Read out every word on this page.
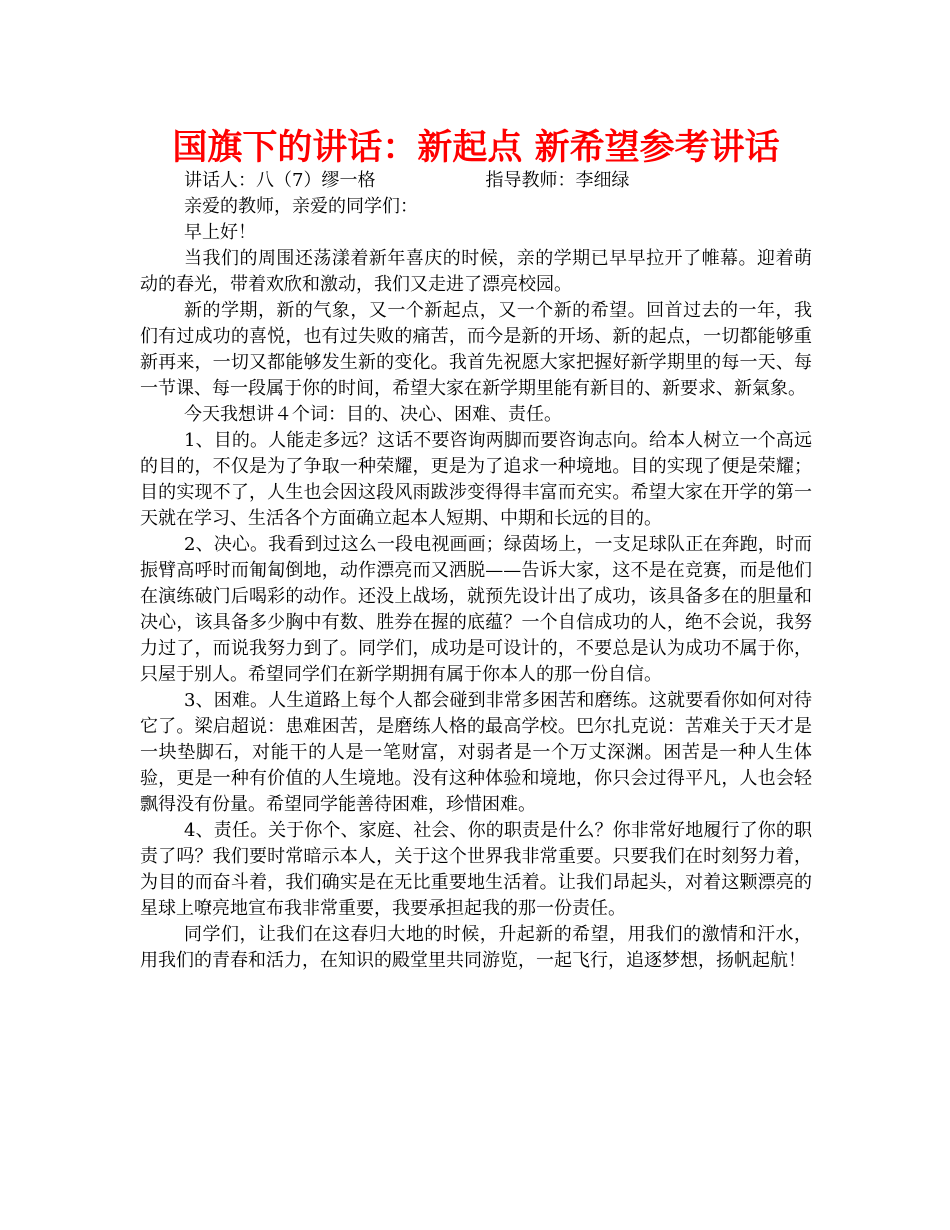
国旗下的讲话：新起点 新希望参考讲话
讲话人：八（7）缪一格	指导教师：李细绿

亲爱的教师，亲爱的同学们：

早上好！

当我们的周围还荡漾着新年喜庆的时候，亲的学期已早早拉开了帷幕。迎着萌动的春光，带着欢欣和激动，我们又走进了漂亮校园。

新的学期，新的气象，又一个新起点，又一个新的希望。回首过去的一年，我们有过成功的喜悦，也有过失败的痛苦，而今是新的开场、新的起点，一切都能够重新再来，一切又都能够发生新的变化。我首先祝愿大家把握好新学期里的每一天、每一节课、每一段属于你的时间，希望大家在新学期里能有新目的、新要求、新氣象。

今天我想讲４个词：目的、决心、困难、责任。

1、目的。人能走多远？这话不要咨询两脚而要咨询志向。给本人树立一个高远的目的，不仅是为了争取一种荣耀，更是为了追求一种境地。目的实现了便是荣耀；目的实现不了，人生也会因这段风雨跋涉变得得丰富而充实。希望大家在开学的第一天就在学习、生活各个方面确立起本人短期、中期和长远的目的。

2、决心。我看到过这么一段电视画画；绿茵场上，一支足球队正在奔跑，时而振臂高呼时而匍匐倒地，动作漂亮而又洒脱——告诉大家，这不是在竞赛，而是他们在演练破门后喝彩的动作。还没上战场，就预先设计出了成功，该具备多在的胆量和决心，该具备多少胸中有数、胜券在握的底蕴？一个自信成功的人，绝不会说，我努力过了，而说我努力到了。同学们，成功是可设计的，不要总是认为成功不属于你，只屋于别人。希望同学们在新学期拥有属于你本人的那一份自信。

3、困难。人生道路上每个人都会碰到非常多困苦和磨练。这就要看你如何对待它了。梁启超说：患难困苦，是磨练人格的最高学校。巴尔扎克说：苦难关于天才是一块垫脚石，对能干的人是一笔财富，对弱者是一个万丈深渊。困苦是一种人生体验，更是一种有价值的人生境地。没有这种体验和境地，你只会过得平凡，人也会轻飘得没有份量。希望同学能善待困难，珍惜困难。

4、责任。关于你个、家庭、社会、你的职责是什么？你非常好地履行了你的职责了吗？我们要时常暗示本人，关于这个世界我非常重要。只要我们在时刻努力着，为目的而奋斗着，我们确实是在无比重要地生活着。让我们昂起头，对着这颗漂亮的星球上嘹亮地宣布我非常重要，我要承担起我的那一份责任。

同学们，让我们在这春归大地的时候，升起新的希望，用我们的激情和汗水，用我们的青春和活力，在知识的殿堂里共同游览，一起飞行，追逐梦想，扬帆起航！
